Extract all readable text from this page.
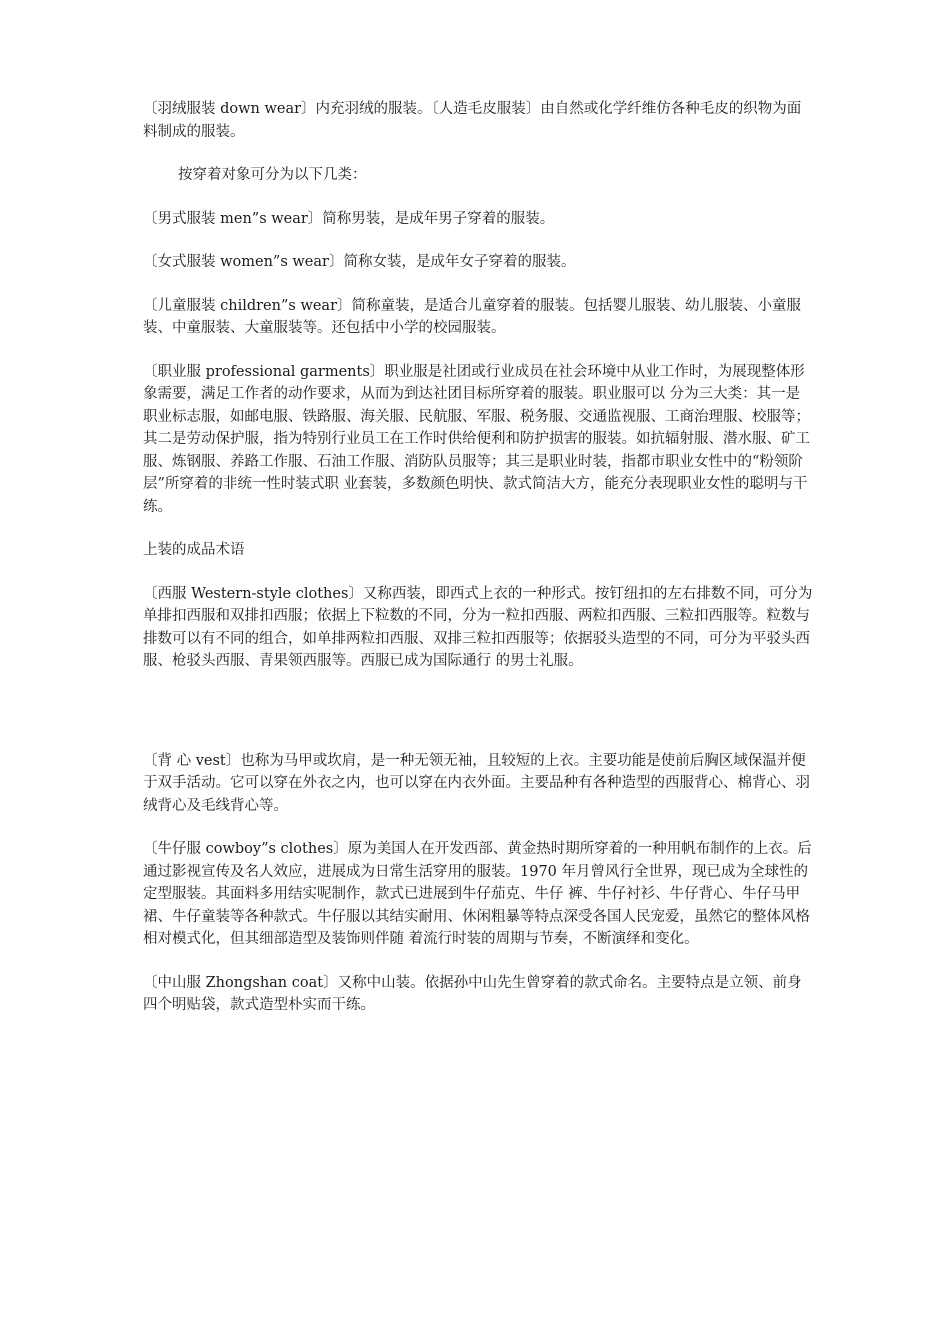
〔羽绒服装 down wear〕内充羽绒的服装。〔人造毛皮服装〕由自然或化学纤维仿各种毛皮的织物为面料制成的服装。

按穿着对象可分为以下几类：

〔男式服装 men”s wear〕简称男装，是成年男子穿着的服装。

〔女式服装 women”s wear〕简称女装，是成年女子穿着的服装。

〔儿童服装 children”s wear〕简称童装，是适合儿童穿着的服装。包括婴儿服装、幼儿服装、小童服装、中童服装、大童服装等。还包括中小学的校园服装。

〔职业服 professional garments〕职业服是社团或行业成员在社会环境中从业工作时，为展现整体形象需要，满足工作者的动作要求，从而为到达社团目标所穿着的服装。职业服可以 分为三大类：其一是职业标志服，如邮电服、铁路服、海关服、民航服、军服、税务服、交通监视服、工商治理服、校服等；其二是劳动保护服，指为特别行业员工在工作时供给便利和防护损害的服装。如抗辐射服、潜水服、矿工服、炼钢服、养路工作服、石油工作服、消防队员服等；其三是职业时装，指都市职业女性中的“粉领阶层”所穿着的非统一性时装式职 业套装，多数颜色明快、款式简洁大方，能充分表现职业女性的聪明与干练。

上装的成品术语

〔西服 Western-style clothes〕又称西装，即西式上衣的一种形式。按钉纽扣的左右排数不同，可分为单排扣西服和双排扣西服；依据上下粒数的不同，分为一粒扣西服、两粒扣西服、三粒扣西服等。粒数与排数可以有不同的组合，如单排两粒扣西服、双排三粒扣西服等；依据驳头造型的不同，可分为平驳头西服、枪驳头西服、青果领西服等。西服已成为国际通行 的男士礼服。

〔背 心 vest〕也称为马甲或坎肩，是一种无领无袖，且较短的上衣。主要功能是使前后胸区域保温并便于双手活动。它可以穿在外衣之内，也可以穿在内衣外面。主要品种有各种造型的西服背心、棉背心、羽绒背心及毛线背心等。

〔牛仔服 cowboy”s clothes〕原为美国人在开发西部、黄金热时期所穿着的一种用帆布制作的上衣。后通过影视宣传及名人效应，进展成为日常生活穿用的服装。1970 年月曾风行全世界，现已成为全球性的定型服装。其面料多用结实呢制作，款式已进展到牛仔茄克、牛仔 裤、牛仔衬衫、牛仔背心、牛仔马甲裙、牛仔童装等各种款式。牛仔服以其结实耐用、休闲粗暴等特点深受各国人民宠爱，虽然它的整体风格相对模式化，但其细部造型及装饰则伴随 着流行时装的周期与节奏，不断演绎和变化。

〔中山服 Zhongshan coat〕又称中山装。依据孙中山先生曾穿着的款式命名。主要特点是立领、前身四个明贴袋，款式造型朴实而干练。
